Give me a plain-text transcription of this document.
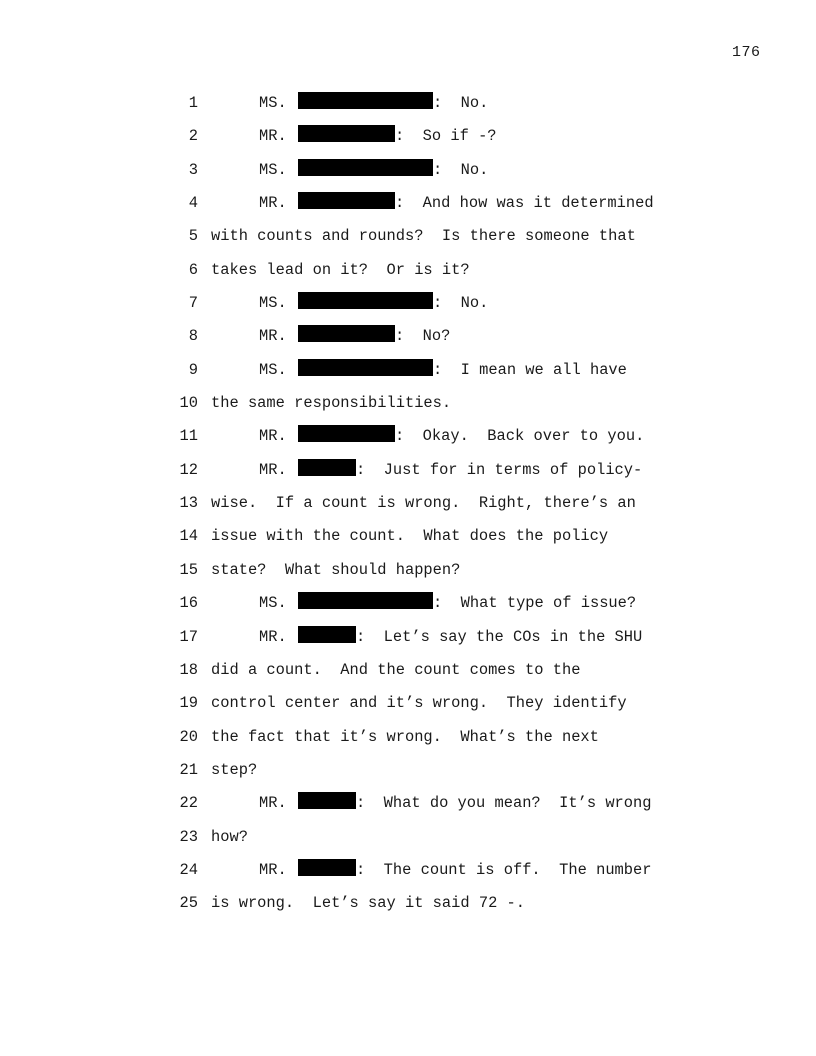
176
1	MS.	:  No.
2	MR.	:  So if -?
3	MS.	:  No.
4	MR.	:  And how was it determined
5 with counts and rounds?  Is there someone that
6 takes lead on it?  Or is it?
7	MS.	:  No.
8	MR.	:  No?
9	MS.	:  I mean we all have
10 the same responsibilities.
11	MR.	:  Okay.  Back over to you.
12	MR.	:  Just for in terms of policy-
13 wise.  If a count is wrong.  Right, there’s an
14 issue with the count.  What does the policy
15 state?  What should happen?
16	MS.	:  What type of issue?
17	MR.	:  Let’s say the COs in the SHU
18 did a count.  And the count comes to the
19 control center and it’s wrong.  They identify
20 the fact that it’s wrong.  What’s the next
21 step?
22	MR.	:  What do you mean?  It’s wrong
23 how?
24	MR.	:  The count is off.  The number
25 is wrong.  Let’s say it said 72 -.
